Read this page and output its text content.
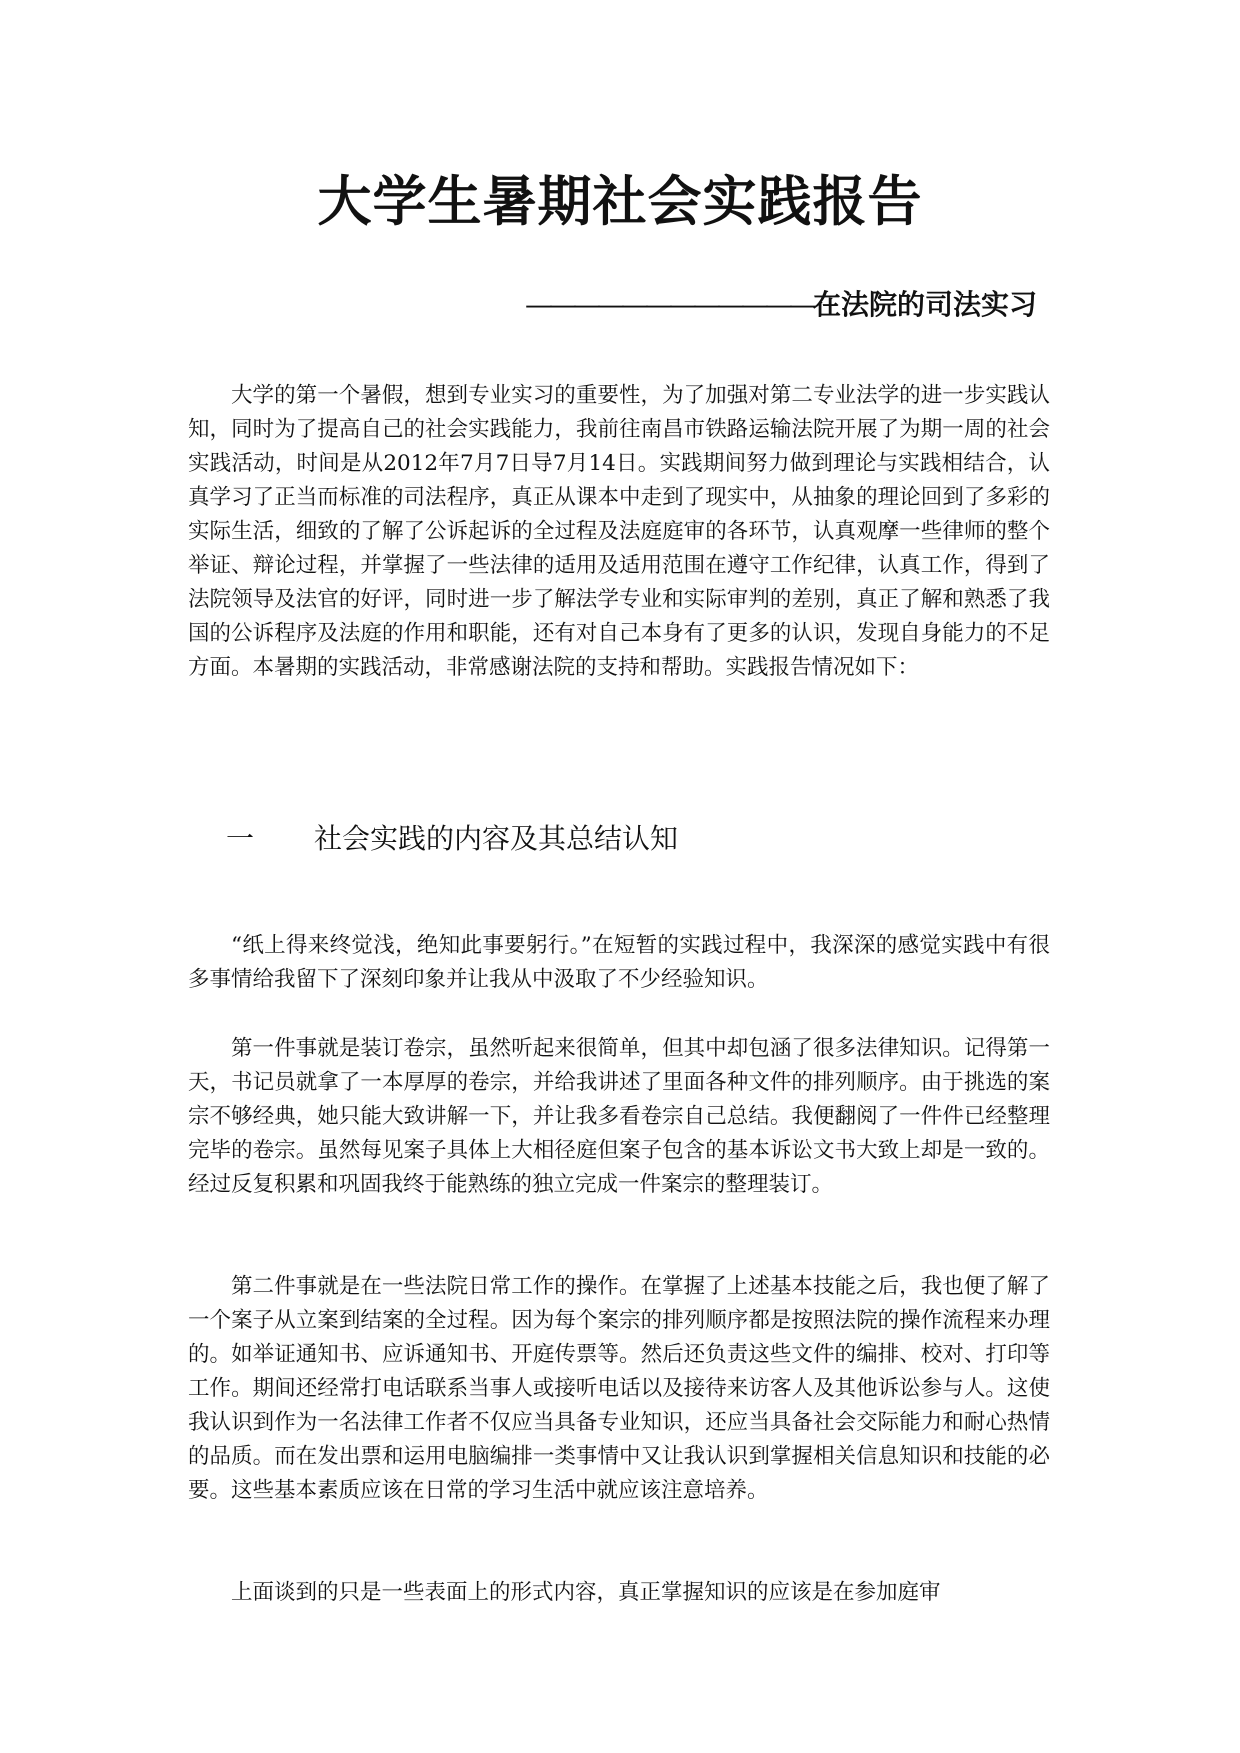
大学生暑期社会实践报告
————————————在法院的司法实习

大学的第一个暑假，想到专业实习的重要性，为了加强对第二专业法学的进一步实践认知，同时为了提高自己的社会实践能力，我前往南昌市铁路运输法院开展了为期一周的社会实践活动，时间是从2012年7月7日导7月14日。实践期间努力做到理论与实践相结合，认真学习了正当而标准的司法程序，真正从课本中走到了现实中，从抽象的理论回到了多彩的实际生活，细致的了解了公诉起诉的全过程及法庭庭审的各环节，认真观摩一些律师的整个举证、辩论过程，并掌握了一些法律的适用及适用范围在遵守工作纪律，认真工作，得到了法院领导及法官的好评，同时进一步了解法学专业和实际审判的差别，真正了解和熟悉了我国的公诉程序及法庭的作用和职能，还有对自己本身有了更多的认识，发现自身能力的不足方面。本暑期的实践活动，非常感谢法院的支持和帮助。实践报告情况如下：

一 社会实践的内容及其总结认知

“纸上得来终觉浅，绝知此事要躬行。”在短暂的实践过程中，我深深的感觉实践中有很多事情给我留下了深刻印象并让我从中汲取了不少经验知识。

第一件事就是装订卷宗，虽然听起来很简单，但其中却包涵了很多法律知识。记得第一天，书记员就拿了一本厚厚的卷宗，并给我讲述了里面各种文件的排列顺序。由于挑选的案宗不够经典，她只能大致讲解一下，并让我多看卷宗自己总结。我便翻阅了一件件已经整理完毕的卷宗。虽然每见案子具体上大相径庭但案子包含的基本诉讼文书大致上却是一致的。经过反复积累和巩固我终于能熟练的独立完成一件案宗的整理装订。

第二件事就是在一些法院日常工作的操作。在掌握了上述基本技能之后，我也便了解了一个案子从立案到结案的全过程。因为每个案宗的排列顺序都是按照法院的操作流程来办理的。如举证通知书、应诉通知书、开庭传票等。然后还负责这些文件的编排、校对、打印等工作。期间还经常打电话联系当事人或接听电话以及接待来访客人及其他诉讼参与人。这使我认识到作为一名法律工作者不仅应当具备专业知识，还应当具备社会交际能力和耐心热情的品质。而在发出票和运用电脑编排一类事情中又让我认识到掌握相关信息知识和技能的必要。这些基本素质应该在日常的学习生活中就应该注意培养。

上面谈到的只是一些表面上的形式内容，真正掌握知识的应该是在参加庭审
